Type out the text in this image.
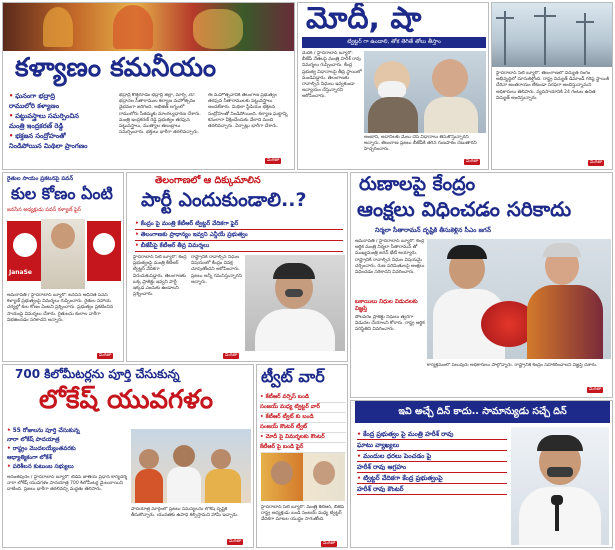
కళ్యాణం కమనీయం
• ఘనంగా భద్రాద్రి
రాములోరి కళ్యాణం
• పట్టువస్త్రాలు సమర్పించిన
మంత్రి ఇంద్రకరణ్ రెడ్డి
• భక్తజన సంద్రోహంతో
నిండిపోయిన మిథిలా ప్రాంగణం
భద్రాద్రి కొత్తగూడెం భద్రాద్రి జిల్లా, మార్చి 30: భద్రాచల సీతారాముల కల్యాణ మహోత్సవం వైభవంగా జరిగింది. అభిజిత్ లగ్నంలో రాములోరు సీతమ్మకు మాంగల్యధారణ చేశారు. మంత్రి ఇంద్రకరణ్ రెడ్డి ప్రభుత్వం తరఫున పట్టువస్త్రాలు, ముత్యాల తలంబ్రాలు సమర్పించారు. భక్తులు భారీగా తరలివచ్చారు.
ఈ మహోత్సవానికి తెలంగాణ ప్రభుత్వం తరఫున సీతారాములకు పట్టువస్త్రాలు అందజేశారు. మిథిలా స్టేడియం భక్తజన సంద్రోహంతో నిండిపోయింది. కల్యాణ ఘట్టాన్ని కనులారా వీక్షించేందుకు వేలాది మంది తరలివచ్చారు. ఏర్పాట్లు భారీగా చేశారు.
మిగతా
మోదీ, షా
ట్విట్టర్ గా ఉండాలి, తోక తెగితే తోలు తీస్తాం
మెదక్ / హైదరాబాద్ బ్యూరో: బీజేపీ నేతలపై మంత్రి హరీశ్ రావు విమర్శలు గుప్పించారు. కేంద్ర ప్రభుత్వ విధానాలపై తీవ్ర స్థాయిలో మండిపడ్డారు. తెలంగాణకు రావాల్సిన నిధులు ఇవ్వకుండా అన్యాయం చేస్తున్నారని ఆరోపించారు.
అంబానీ, అదానీలకు మేలు చేసే విధానాలు తీసుకొస్తున్నారని అన్నారు. తెలంగాణ ప్రజలు బీజేపీకి తగిన గుణపాఠం చెబుతారని హెచ్చరించారు.
మిగతా
హైదరాబాద్ సిటీ బ్యూరో: తెలంగాణలో విద్యుత్ రంగం అభివృద్ధిలో దూసుకెళ్తోంది. రాష్ట్ర విద్యుత్ డిమాండ్ గరిష్ఠ స్థాయికి చేరినా అంతరాయం లేకుండా సరఫరా అందిస్తున్నామని అధికారులు తెలిపారు. వ్యవసాయానికి 24 గంటల ఉచిత విద్యుత్ అందిస్తున్నారు.
మిగతా
రైతుల సాయం ప్రకటనపై పవన్
కుల కోణం ఏంటి
జనసేన అధ్యక్షుడు పవన్ కళ్యాణ్ ఫైర్
JanaSe
అమరావతి / హైదరాబాద్ బ్యూరో: జనసేన అధినేత పవన్ కళ్యాణ్ ప్రభుత్వంపై విమర్శలు గుప్పించారు. రైతుల సహాయ చర్యల్లో కుల కోణం ఏంటని ప్రశ్నించారు. ప్రభుత్వం ప్రకటించిన సాయంపై విమర్శలు చేశారు. రైతులను కులాల వారీగా విభజించడం సరికాదని అన్నారు.
మిగతా
తెలంగాణలో ఆ దిక్కుమాలిన
పార్టీ ఎందుకుండాలి..?
• కేంద్రం పై మంత్రి కేటీఆర్ ట్విట్టర్ వేదికగా ఫైర్
• తెలంగాణకు ప్రాధాన్యం ఇవ్వని ఎన్డీయే ప్రభుత్వం
• బీజేపీపై కేటీఆర్ తీవ్ర విమర్శలు
హైదరాబాద్ సిటీ బ్యూరో: కేంద్ర ప్రభుత్వంపై మంత్రి కేటీఆర్ ట్విట్టర్ వేదికగా విరుచుకుపడ్డారు. తెలంగాణకు ఒక్క ప్రాజెక్టు ఇవ్వని పార్టీ ఇక్కడ ఎందుకు ఉండాలని ప్రశ్నించారు.
రాష్ట్రానికి రావాల్సిన నిధుల విషయంలో కేంద్రం వివక్ష చూపుతోందని ఆరోపించారు. ప్రజలు అన్నీ గమనిస్తున్నారని అన్నారు.
మిగతా
రుణాలపై కేంద్రం
ఆంక్షలు విధించడం సరికాదు
నిర్మలా సీతారామన్ దృష్టికి తీసుకెళ్లిన సీఎం జగన్
అమరావతి / హైదరాబాద్ బ్యూరో: కేంద్ర ఆర్థిక మంత్రి నిర్మలా సీతారామన్ తో ముఖ్యమంత్రి జగన్ భేటీ అయ్యారు. రాష్ట్రానికి రావాల్సిన నిధుల విషయమై చర్చించారు. రుణ పరిమితులపై ఆంక్షలు విధించడం సరికాదని వివరించారు.
బకాయిలు నిధుల విడుదలకు విజ్ఞప్తి
పోలవరం ప్రాజెక్టు నిధులు త్వరగా విడుదల చేయాలని కోరారు. రాష్ట్ర ఆర్థిక పరిస్థితిని వివరించారు.
కార్యక్రమంలో పలువురు అధికారులు పాల్గొన్నారు. రాష్ట్రానికి కేంద్రం సహకరించాలని విజ్ఞప్తి చేశారు.
మిగతా
700 కిలోమీటర్లను పూర్తి చేసుకున్న
లోకేష్ యువగళం
• 55 రోజులను పూర్తి చేసుకున్న
నారా లోకేష్ పాదయాత్ర
• రాష్ట్రం మొదలయ్యేంతవరకు
ఆధ్యాత్మికంగా లోకేశ్
• పరిశీలన కుటుంబ సభ్యులు
అనంతపురం / హైదరాబాద్ బ్యూరో: టీడీపీ జాతీయ ప్రధాన కార్యదర్శి నారా లోకేష్ యువగళం పాదయాత్ర 700 కిలోమీటర్ల మైలురాయిని దాటింది. ప్రజలు భారీగా తరలివచ్చి మద్దతు తెలిపారు.
పాదయాత్ర మార్గంలో ప్రజలు సమస్యలను లోకేష్ దృష్టికి తీసుకొచ్చారు. యువతకు ఉపాధి కల్పిస్తామని హామీ ఇచ్చారు.
మిగతా
ట్వీట్ వార్
• కేటీఆర్ వర్సెస్ బండి
సంజయ్ మధ్య ట్విట్టర్ వార్
• కేటీఆర్ ట్వీట్ కు బండి
సంజయ్ కౌంటర్ ట్వీట్
• మోదీ పై విమర్శలకు కౌంటర్
కేటీఆర్ పై బండి ఫైర్
హైదరాబాద్ సిటీ బ్యూరో: మంత్రి కేటీఆర్, బీజేపీ రాష్ట్ర అధ్యక్షుడు బండి సంజయ్ మధ్య ట్విట్టర్ వేదికగా మాటల యుద్ధం సాగుతోంది.
మిగతా
ఇవి అచ్చే దిన్ కాదు.. సామాన్యుడు సచ్చే దిన్
• కేంద్ర ప్రభుత్వం పై మంత్రి హరీశ్ రావు
ఘాటు వ్యాఖ్యలు
• మందుల ధరలు పెంచడం పై
హరీశ్ రావు ఆగ్రహం
• ట్విట్టర్ వేదికగా కేంద్ర ప్రభుత్వంపై
హరీశ్ రావు కౌంటర్
